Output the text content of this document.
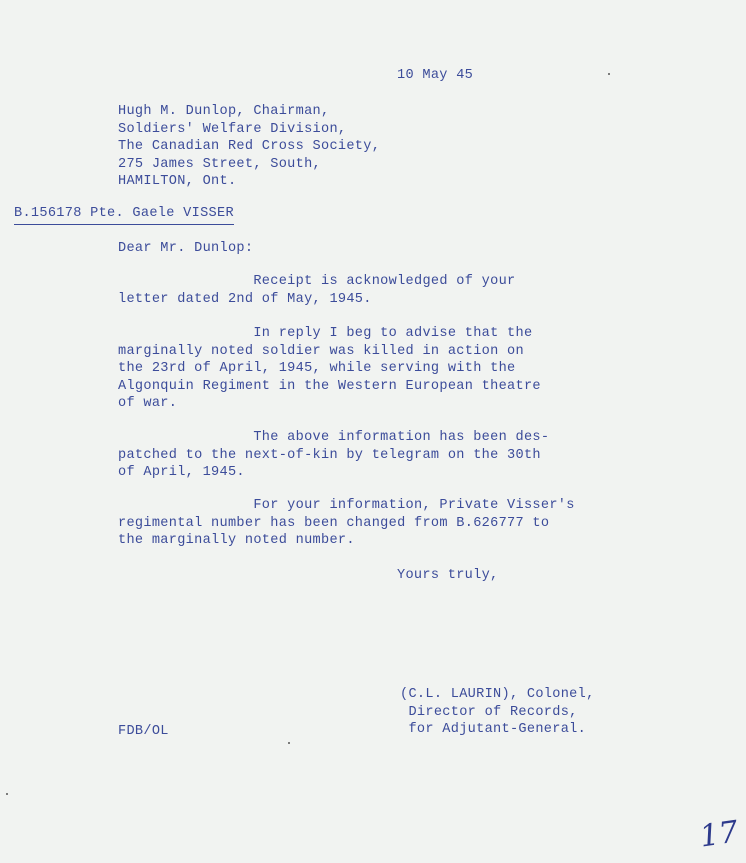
10 May 45
Hugh M. Dunlop, Chairman,
Soldiers' Welfare Division,
The Canadian Red Cross Society,
275 James Street, South,
HAMILTON, Ont.
B.156178 Pte. Gaele VISSER
Dear Mr. Dunlop:
Receipt is acknowledged of your
letter dated 2nd of May, 1945.
In reply I beg to advise that the
marginally noted soldier was killed in action on
the 23rd of April, 1945, while serving with the
Algonquin Regiment in the Western European theatre
of war.
The above information has been des-
patched to the next-of-kin by telegram on the 30th
of April, 1945.
For your information, Private Visser's
regimental number has been changed from B.626777 to
the marginally noted number.
Yours truly,
(C.L. LAURIN), Colonel,
Director of Records,
for Adjutant-General.
FDB/OL
17
